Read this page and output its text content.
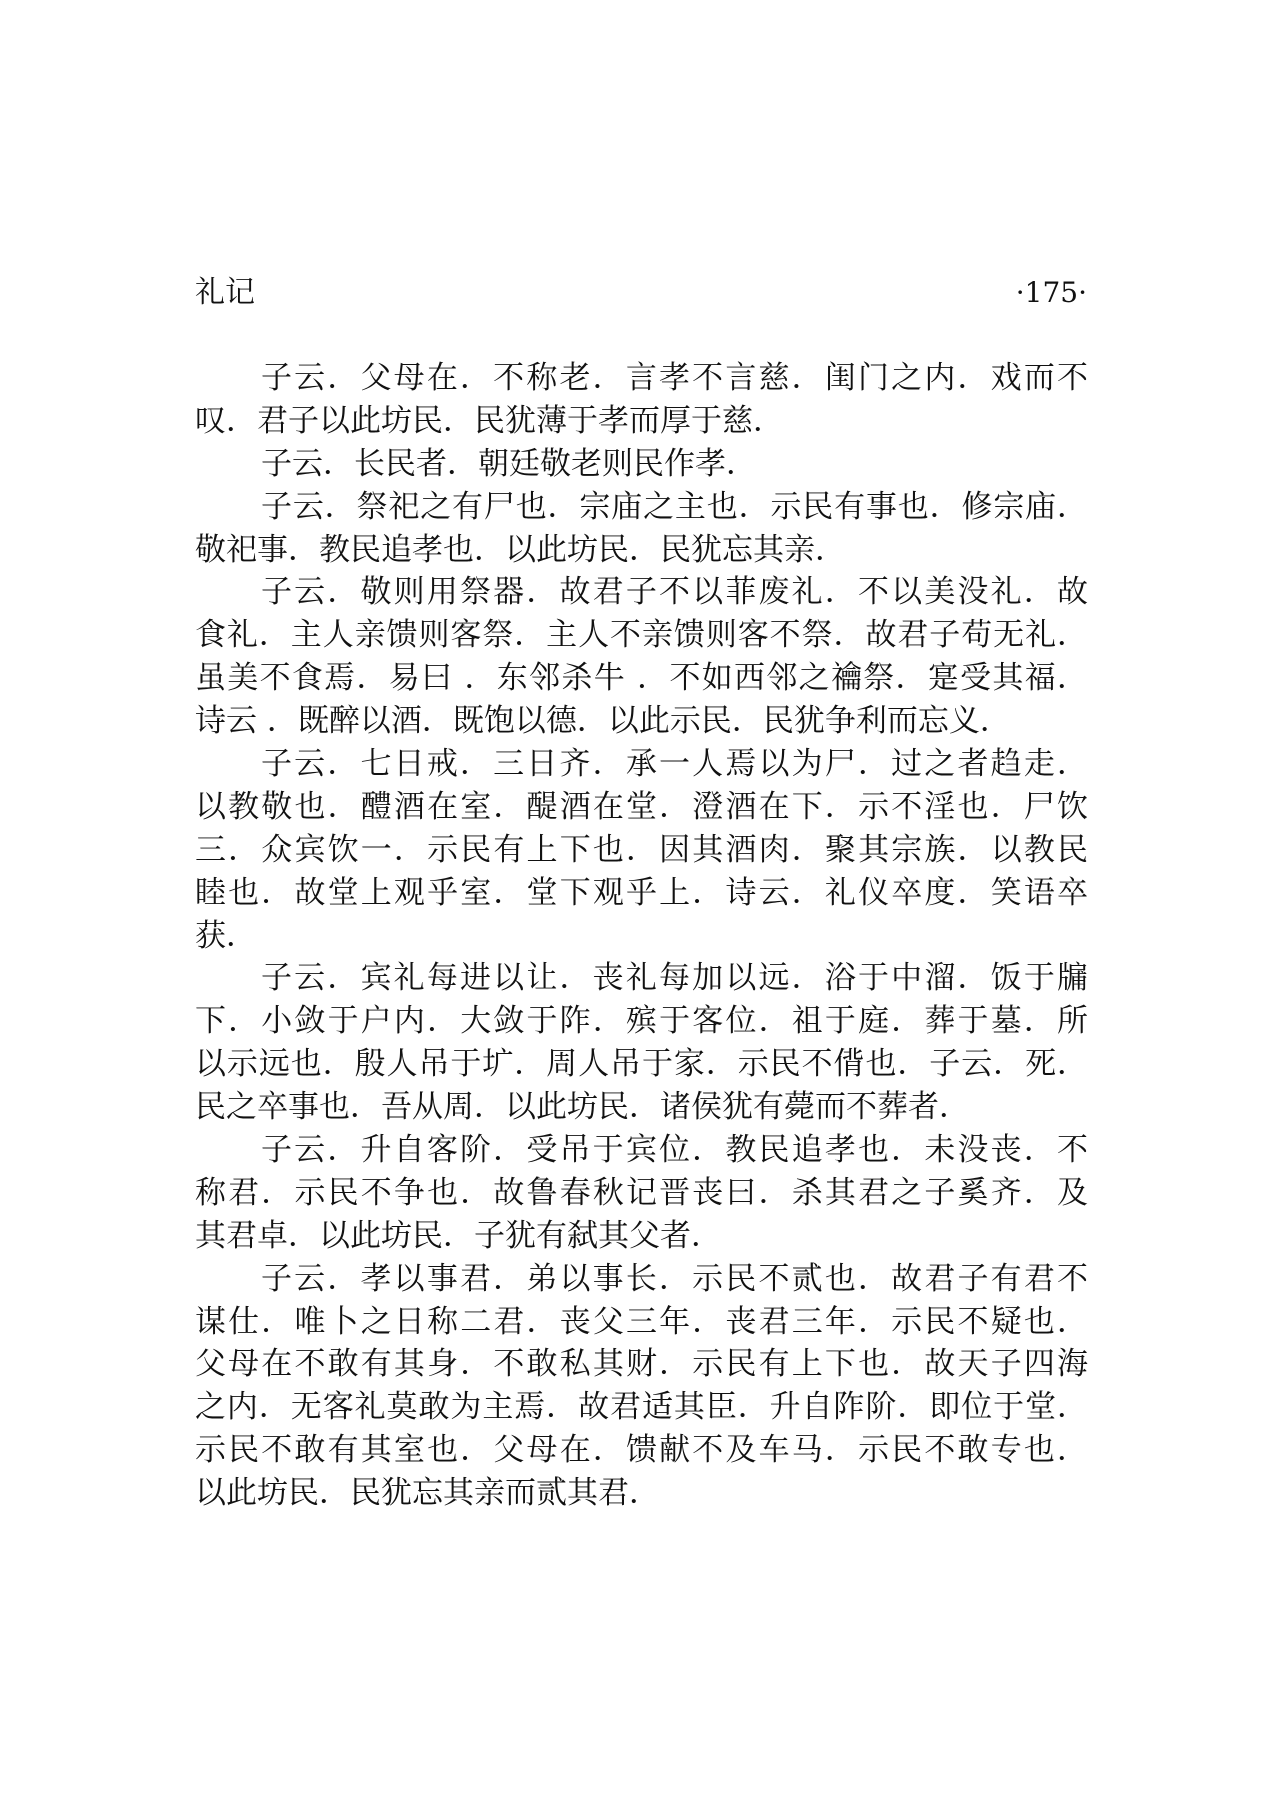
礼记	·175·
子云．父母在．不称老．言孝不言慈．闺门之内．戏而不
叹．君子以此坊民．民犹薄于孝而厚于慈．
子云．长民者．朝廷敬老则民作孝．
子云．祭祀之有尸也．宗庙之主也．示民有事也．修宗庙．
敬祀事．教民追孝也．以此坊民．民犹忘其亲．
子云．敬则用祭器．故君子不以菲废礼．不以美没礼．故
食礼．主人亲馈则客祭．主人不亲馈则客不祭．故君子苟无礼．
虽美不食焉．易曰 ．东邻杀牛 ．不如西邻之禴祭．寔受其福．
诗云 ．既醉以酒．既饱以德．以此示民．民犹争利而忘义．
子云．七日戒．三日齐．承一人焉以为尸．过之者趋走．
以教敬也．醴酒在室．醍酒在堂．澄酒在下．示不淫也．尸饮
三．众宾饮一．示民有上下也．因其酒肉．聚其宗族．以教民
睦也．故堂上观乎室．堂下观乎上．诗云．礼仪卒度．笑语卒
获．
子云．宾礼每进以让．丧礼每加以远．浴于中溜．饭于牖
下．小敛于户内．大敛于阼．殡于客位．祖于庭．葬于墓．所
以示远也．殷人吊于圹．周人吊于家．示民不偝也．子云．死．
民之卒事也．吾从周．以此坊民．诸侯犹有薨而不葬者．
子云．升自客阶．受吊于宾位．教民追孝也．未没丧．不
称君．示民不争也．故鲁春秋记晋丧曰．杀其君之子奚齐．及
其君卓．以此坊民．子犹有弑其父者．
子云．孝以事君．弟以事长．示民不贰也．故君子有君不
谋仕．唯卜之日称二君．丧父三年．丧君三年．示民不疑也．
父母在不敢有其身．不敢私其财．示民有上下也．故天子四海
之内．无客礼莫敢为主焉．故君适其臣．升自阼阶．即位于堂．
示民不敢有其室也．父母在．馈献不及车马．示民不敢专也．
以此坊民．民犹忘其亲而贰其君．
